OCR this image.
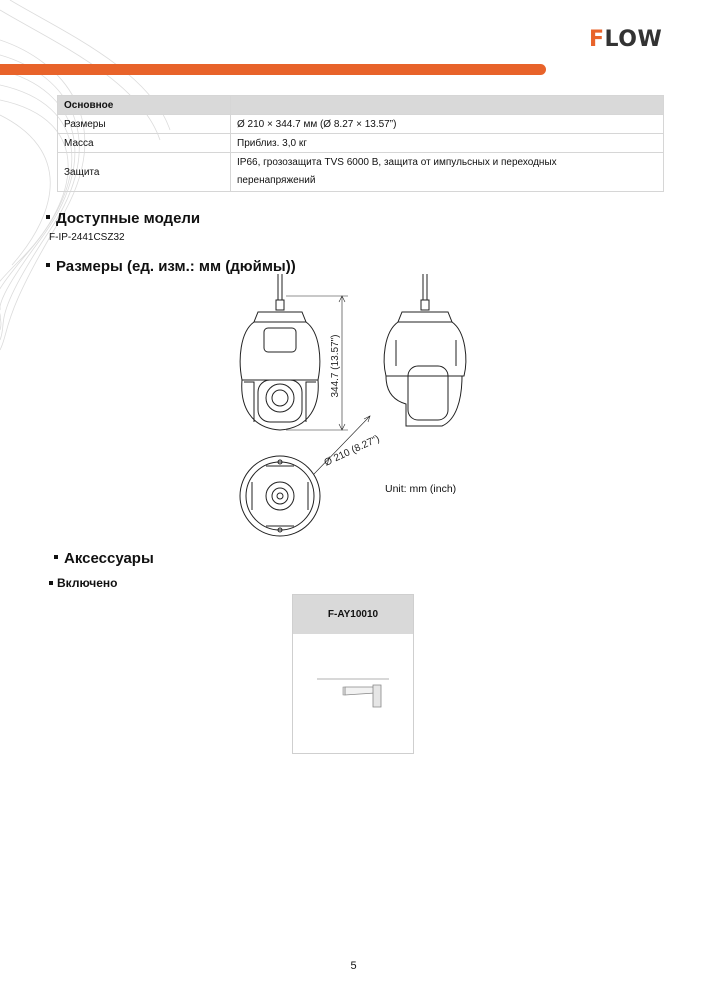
FLOW
Основное	
Размеры	Ø 210 × 344.7 мм (Ø 8.27 × 13.57”)
Масса	Приблиз. 3,0 кг
Защита	IP66, грозозащита TVS 6000 В, защита от импульсных и переходных
перенапряжений
Доступные модели
F-IP-2441CSZ32
Размеры (ед. изм.: мм (дюймы))
344.7 (13.57")
Ø 210 (8.27")
Unit: mm (inch)
Аксессуары
Включено
F-AY10010
5
